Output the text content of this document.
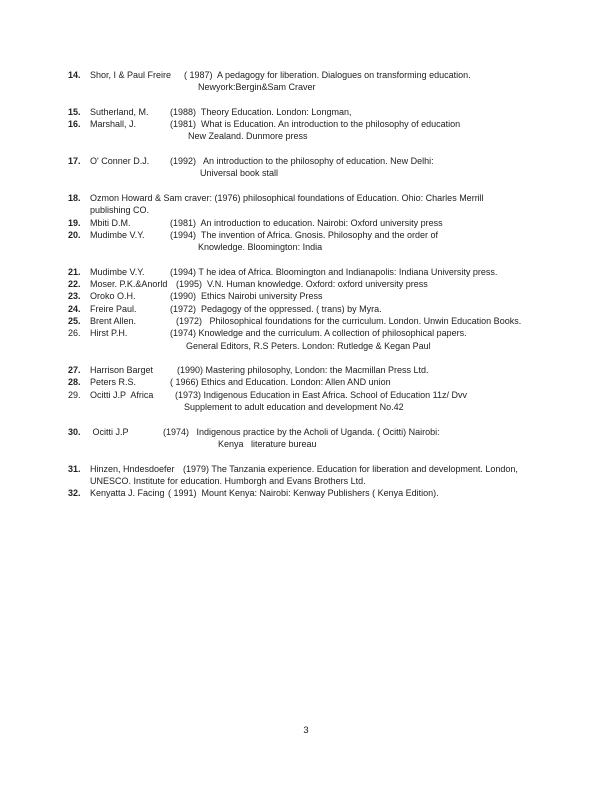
14.	Shor, I & Paul Freire ( 1987)  A pedagogy for liberation. Dialogues on transforming education.
Newyork:Bergin&Sam Craver
15.	Sutherland, M. (1988)  Theory Education. London: Longman,
16.	Marshall, J.	(1981)  What is Education. An introduction to the philosophy of education
New Zealand. Dunmore press
17.	O' Conner D.J. (1992)   An introduction to the philosophy of education. New Delhi:
Universal book stall
18.	Ozmon Howard & Sam craver: (1976) philosophical foundations of Education. Ohio: Charles Merrill
publishing CO.
19.	Mbiti D.M.	(1981)  An introduction to education. Nairobi: Oxford university press
20.	Mudimbe V.Y.	(1994)  The invention of Africa. Gnosis. Philosophy and the order of
Knowledge. Bloomington: India
21.	Mudimbe V.Y.	(1994) T he idea of Africa. Bloomington and Indianapolis: Indiana University press.
22.	Moser. P.K.&Anorld (1995)  V.N. Human knowledge. Oxford: oxford university press
23.	Oroko O.H.	(1990)  Ethics Nairobi university Press
24.	Freire Paul.	(1972)  Pedagogy of the oppressed. ( trans) by Myra.
25.	Brent Allen.	(1972)   Philosophical foundations for the curriculum. London. Unwin Education Books.
26.	Hirst P.H.	(1974) Knowledge and the curriculum. A collection of philosophical papers.
General Editors, R.S Peters. London: Rutledge & Kegan Paul
27.	Harrison Barget	(1990) Mastering philosophy, London: the Macmillan Press Ltd.
28.	Peters R.S.	( 1966) Ethics and Education. London: Allen AND union
29.	Ocitti J.P  Africa (1973) Indigenous Education in East Africa. School of Education 11z/ Dvv
Supplement to adult education and development No.42
30.	Ocitti J.P	(1974)   Indigenous practice by the Acholi of Uganda. ( Ocitti) Nairobi:
Kenya   literature bureau
31.	Hinzen, Hndesdoefer (1979) The Tanzania experience. Education for liberation and development. London,
UNESCO. Institute for education. Humborgh and Evans Brothers Ltd.
32.	Kenyatta J. Facing ( 1991)  Mount Kenya: Nairobi: Kenway Publishers ( Kenya Edition).
3
